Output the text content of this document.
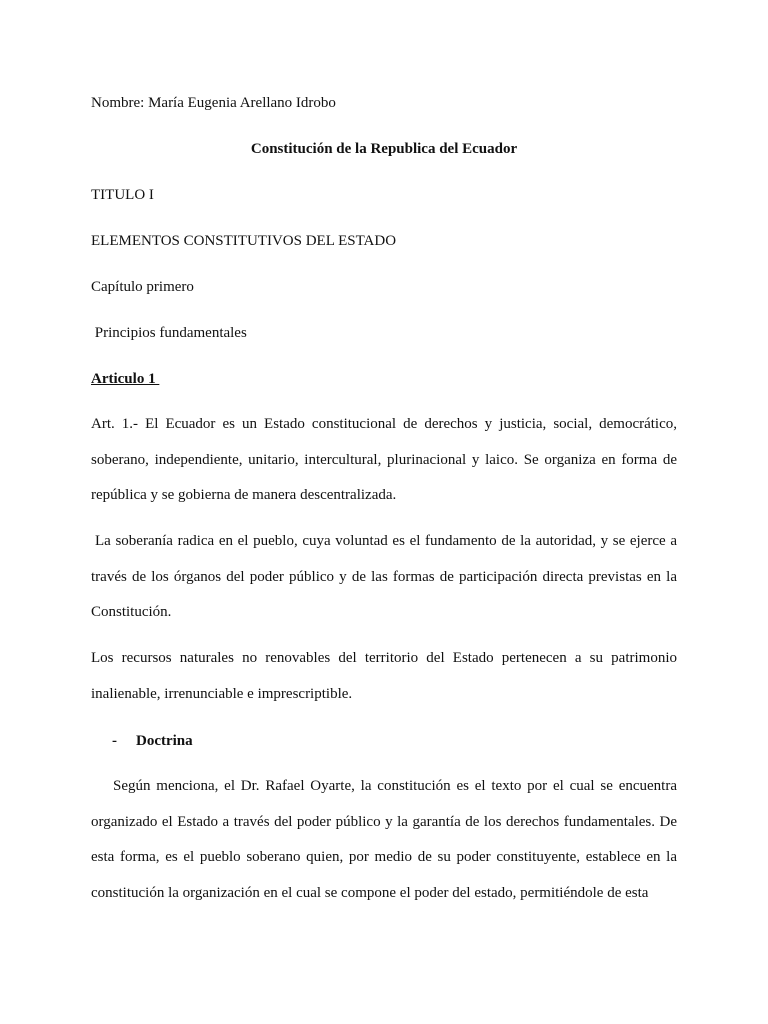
Nombre: María Eugenia Arellano Idrobo
Constitución de la Republica del Ecuador
TITULO I
ELEMENTOS CONSTITUTIVOS DEL ESTADO
Capítulo primero
Principios fundamentales
Articulo 1

Art. 1.- El Ecuador es un Estado constitucional de derechos y justicia, social, democrático, soberano, independiente, unitario, intercultural, plurinacional y laico. Se organiza en forma de república y se gobierna de manera descentralizada.

La soberanía radica en el pueblo, cuya voluntad es el fundamento de la autoridad, y se ejerce a través de los órganos del poder público y de las formas de participación directa previstas en la Constitución.

Los recursos naturales no renovables del territorio del Estado pertenecen a su patrimonio inalienable, irrenunciable e imprescriptible.

- Doctrina

Según menciona, el Dr. Rafael Oyarte, la constitución es el texto por el cual se encuentra organizado el Estado a través del poder público y la garantía de los derechos fundamentales. De esta forma, es el pueblo soberano quien, por medio de su poder constituyente, establece en la constitución la organización en el cual se compone el poder del estado, permitiéndole de esta
